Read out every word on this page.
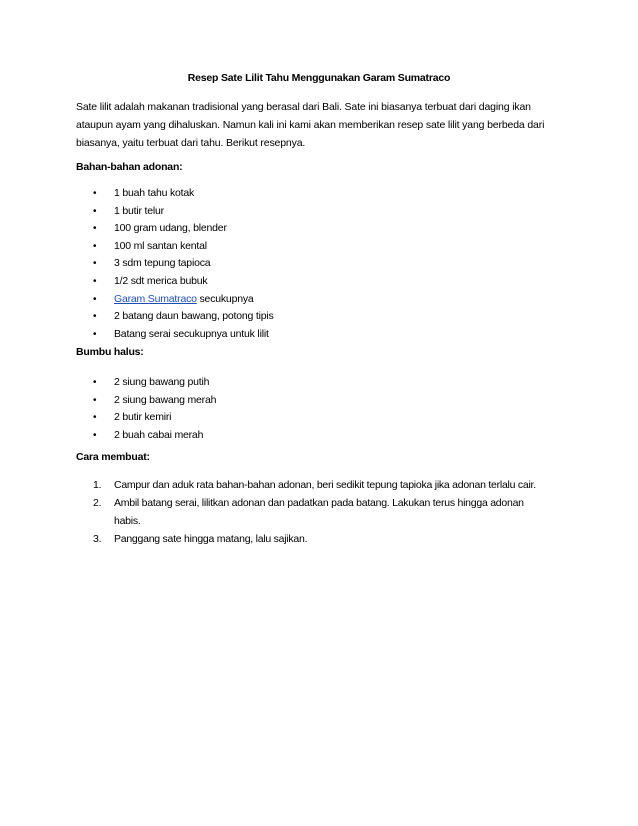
Resep Sate Lilit Tahu Menggunakan Garam Sumatraco
Sate lilit adalah makanan tradisional yang berasal dari Bali. Sate ini biasanya terbuat dari daging ikan
ataupun ayam yang dihaluskan. Namun kali ini kami akan memberikan resep sate lilit yang berbeda dari
biasanya, yaitu terbuat dari tahu. Berikut resepnya.
Bahan-bahan adonan:
• 1 buah tahu kotak
• 1 butir telur
• 100 gram udang, blender
• 100 ml santan kental
• 3 sdm tepung tapioca
• 1/2 sdt merica bubuk
• Garam Sumatraco secukupnya
• 2 batang daun bawang, potong tipis
• Batang serai secukupnya untuk lilit
Bumbu halus:
• 2 siung bawang putih
• 2 siung bawang merah
• 2 butir kemiri
• 2 buah cabai merah
Cara membuat:
1. Campur dan aduk rata bahan-bahan adonan, beri sedikit tepung tapioka jika adonan terlalu cair.
2. Ambil batang serai, lilitkan adonan dan padatkan pada batang. Lakukan terus hingga adonan
habis.
3. Panggang sate hingga matang, lalu sajikan.
